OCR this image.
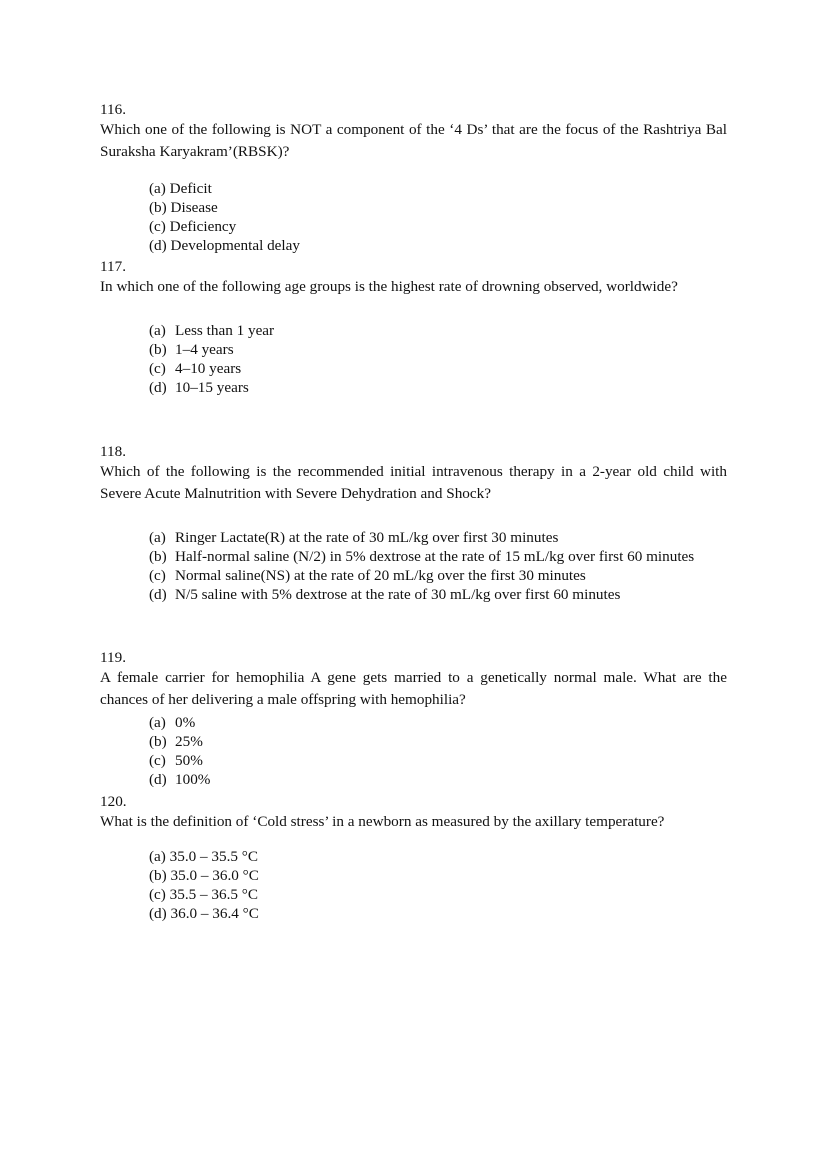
116.
Which one of the following is NOT a component of the ‘4 Ds’ that are the focus of the Rashtriya Bal Suraksha Karyakram’(RBSK)?
(a)
Deficit
(b)
Disease
(c)
Deficiency
(d)
Developmental delay
117.
In which one of the following age groups is the highest rate of drowning observed, worldwide?
(a) Less than 1 year
(b) 1–4 years
(c) 4–10 years
(d) 10–15 years
118.
Which of the following is the recommended initial intravenous therapy in a 2-year old child with Severe Acute Malnutrition with Severe Dehydration and Shock?
(a) Ringer Lactate(R) at the rate of 30 mL/kg over first 30 minutes
(b) Half-normal saline (N/2) in 5% dextrose at the rate of 15 mL/kg over first 60 minutes
(c) Normal saline(NS) at the rate of 20 mL/kg over the first 30 minutes
(d) N/5 saline with 5% dextrose at the rate of 30 mL/kg over first 60 minutes
119.
A female carrier for hemophilia A gene gets married to a genetically normal male. What are the chances of her delivering a male offspring with hemophilia?
(a) 0%
(b) 25%
(c) 50%
(d) 100%
120.
What is the definition of ‘Cold stress’ in a newborn as measured by the axillary temperature?
(a)
35.0 – 35.5 °C
(b)
35.0 – 36.0 °C
(c)
35.5 – 36.5 °C
(d)
36.0 – 36.4 °C
